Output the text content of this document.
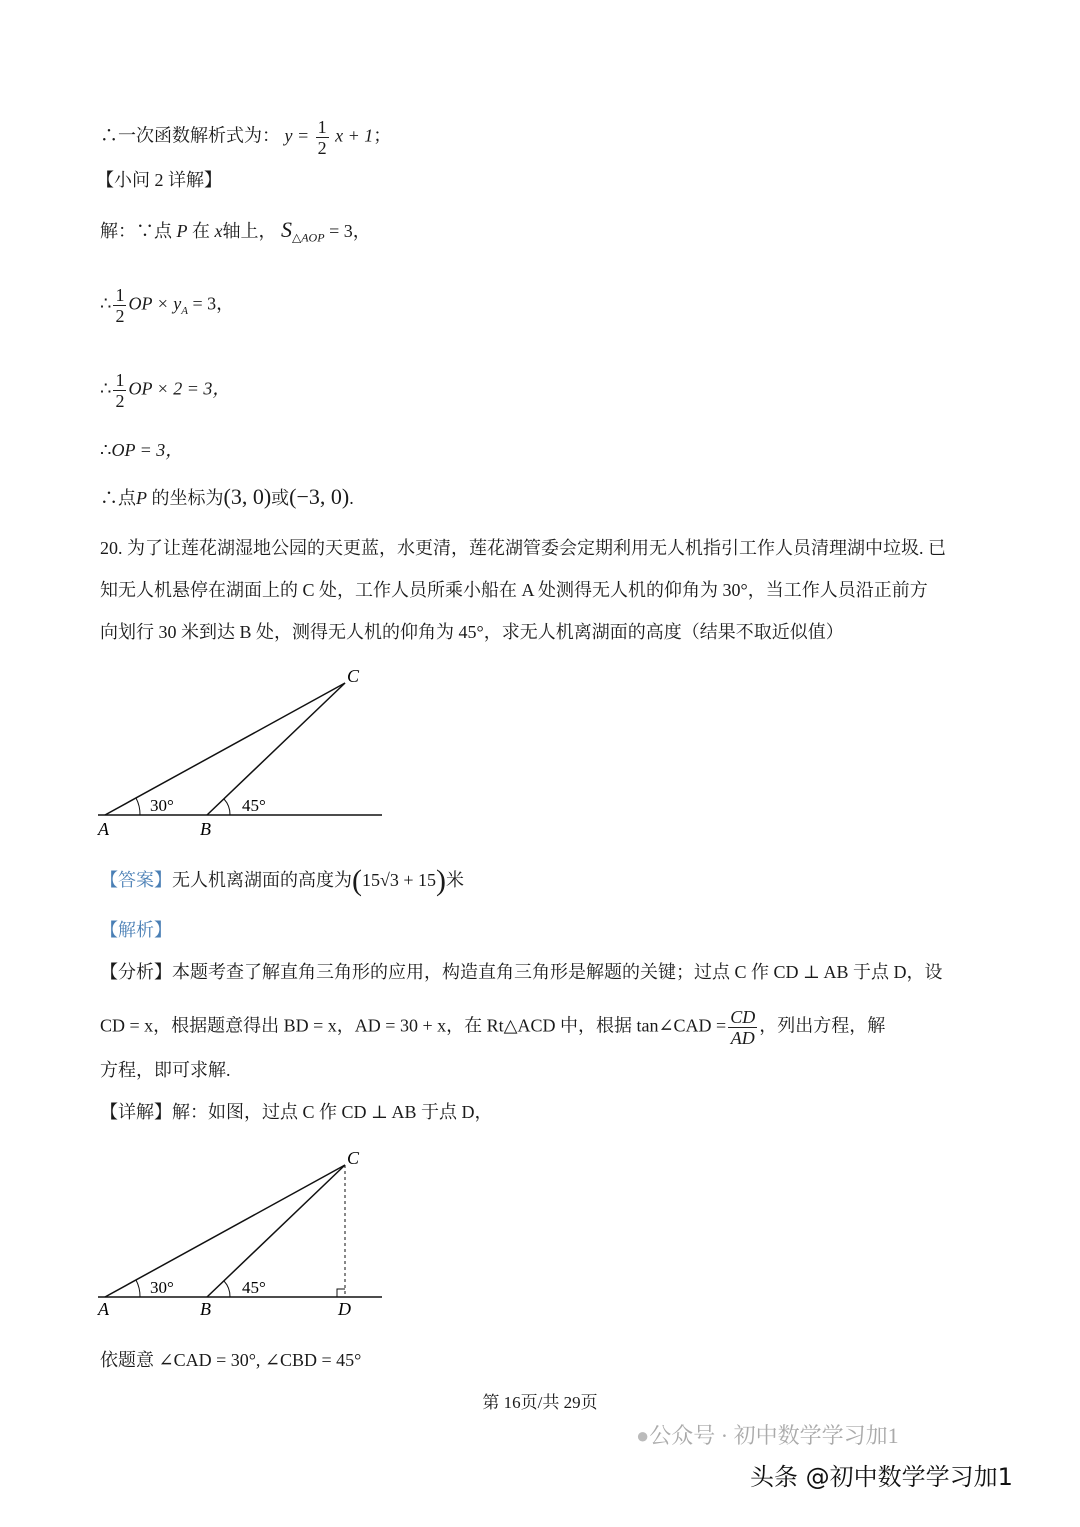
∴一次函数解析式为： $y = \frac{1}{2}$ x + 1；
【小问 2 详解】
解：∵点 P 在 x轴上， $S_{\triangle AOP} = 3$，
∴ $\frac{1}{2}$ OP × $y_A = 3$，
∴ $\frac{1}{2}$ OP × 2 = 3，
∴OP = 3，
∴点P 的坐标为(3, 0)或(−3, 0).
20. 为了让莲花湖湿地公园的天更蓝，水更清，莲花湖管委会定期利用无人机指引工作人员清理湖中垃圾. 已
知无人机悬停在湖面上的 C 处，工作人员所乘小船在 A 处测得无人机的仰角为 30°，当工作人员沿正前方
向划行 30 米到达 B 处，测得无人机的仰角为 45°，求无人机离湖面的高度（结果不取近似值）
30°	45°
A	B
C
【答案】无人机离湖面的高度为(15√3 + 15)米
【解析】
【分析】本题考查了解直角三角形的应用，构造直角三角形是解题的关键；过点 C 作 CD ⊥ AB 于点 D，设
CD = x，根据题意得出 BD = x，AD = 30 + x，在 Rt△ACD 中，根据 tan∠CAD = $\frac{CD}{AD}$ ，列出方程，解
方程，即可求解.
【详解】解：如图，过点 C 作 CD ⊥ AB 于点 D，
30°	45°
A	B	D
C
依题意 ∠CAD = 30°, ∠CBD = 45°
第 16页/共 29页
●公众号 · 初中数学学习加1
头条 @初中数学学习加1
